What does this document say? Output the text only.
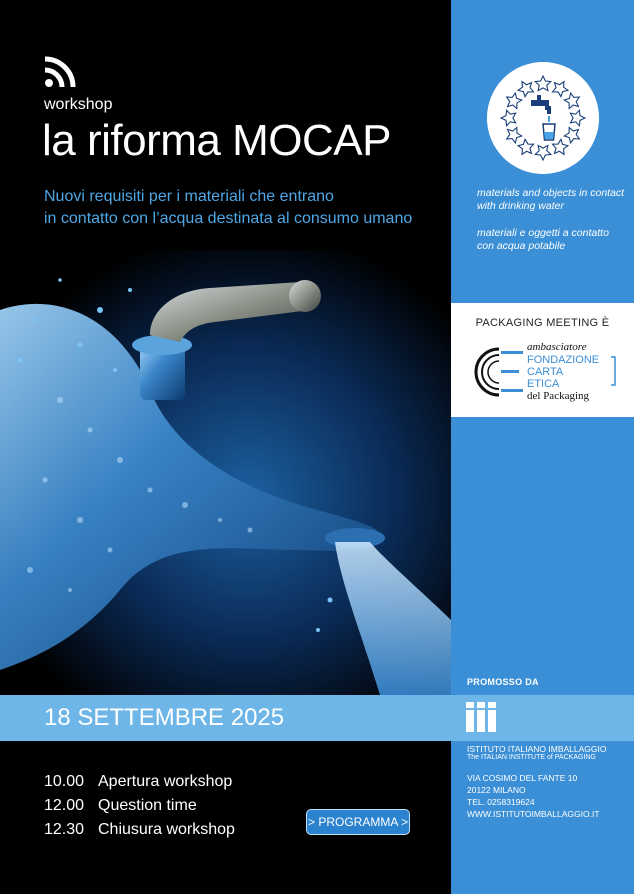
workshop
la riforma MOCAP
Nuovi requisiti per i materiali che entrano
in contatto con l’acqua destinata al consumo umano
18 SETTEMBRE 2025
10.00 Apertura workshop
12.00 Question time
12.30 Chiusura workshop	> PROGRAMMA >
materials and objects in contact with drinking water
materiali e oggetti a contatto con acqua potabile
PACKAGING MEETING È
ambasciatore
FONDAZIONE
CARTA
ETICA
del Packaging
PROMOSSO DA
ISTITUTO ITALIANO IMBALLAGGIO
The ITALIAN INSTITUTE of PACKAGING
VIA COSIMO DEL FANTE 10
20122 MILANO
TEL. 0258319624
WWW.ISTITUTOIMBALLAGGIO.IT
